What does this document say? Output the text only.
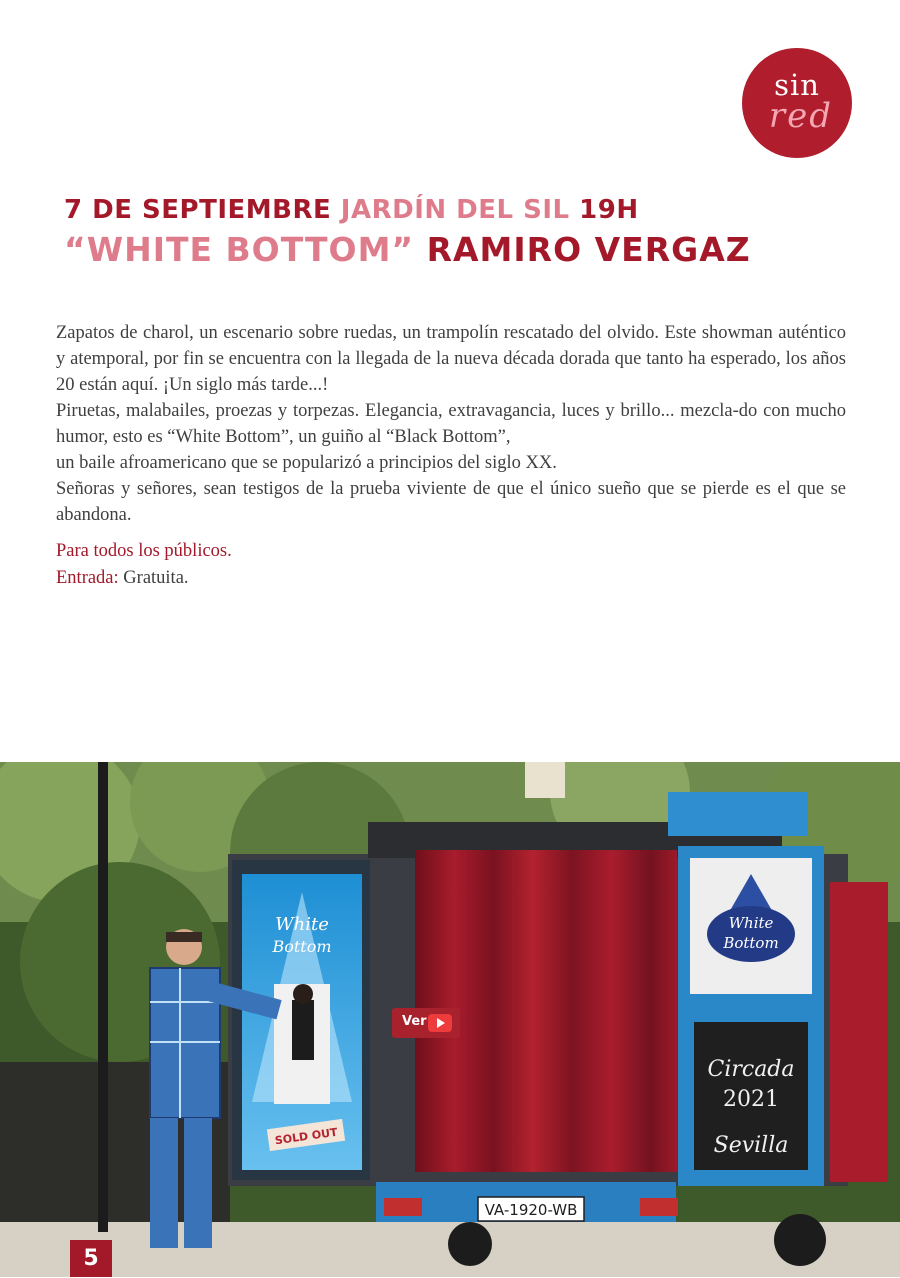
sin
red
7 DE SEPTIEMBRE JARDÍN DEL SIL 19H
“WHITE BOTTOM” RAMIRO VERGAZ

Zapatos de charol, un escenario sobre ruedas, un trampolín rescatado del olvido. Este showman auténtico y atemporal, por fin se encuentra con la llegada de la nueva década dorada que tanto ha esperado, los años 20 están aquí. ¡Un siglo más tarde...!

Piruetas, malabailes, proezas y torpezas. Elegancia, extravagancia, luces y brillo... mezcla-do con mucho humor, esto es “White Bottom”, un guiño al “Black Bottom”,

un baile afroamericano que se popularizó a principios del siglo XX.

Señoras y señores, sean testigos de la prueba viviente de que el único sueño que se pierde es el que se abandona.

Para todos los públicos.
Entrada: Gratuita.
White
Bottom
SOLD OUT
White
Bottom
Circada
2021
Sevilla
VA-1920-WB
Ver
5
